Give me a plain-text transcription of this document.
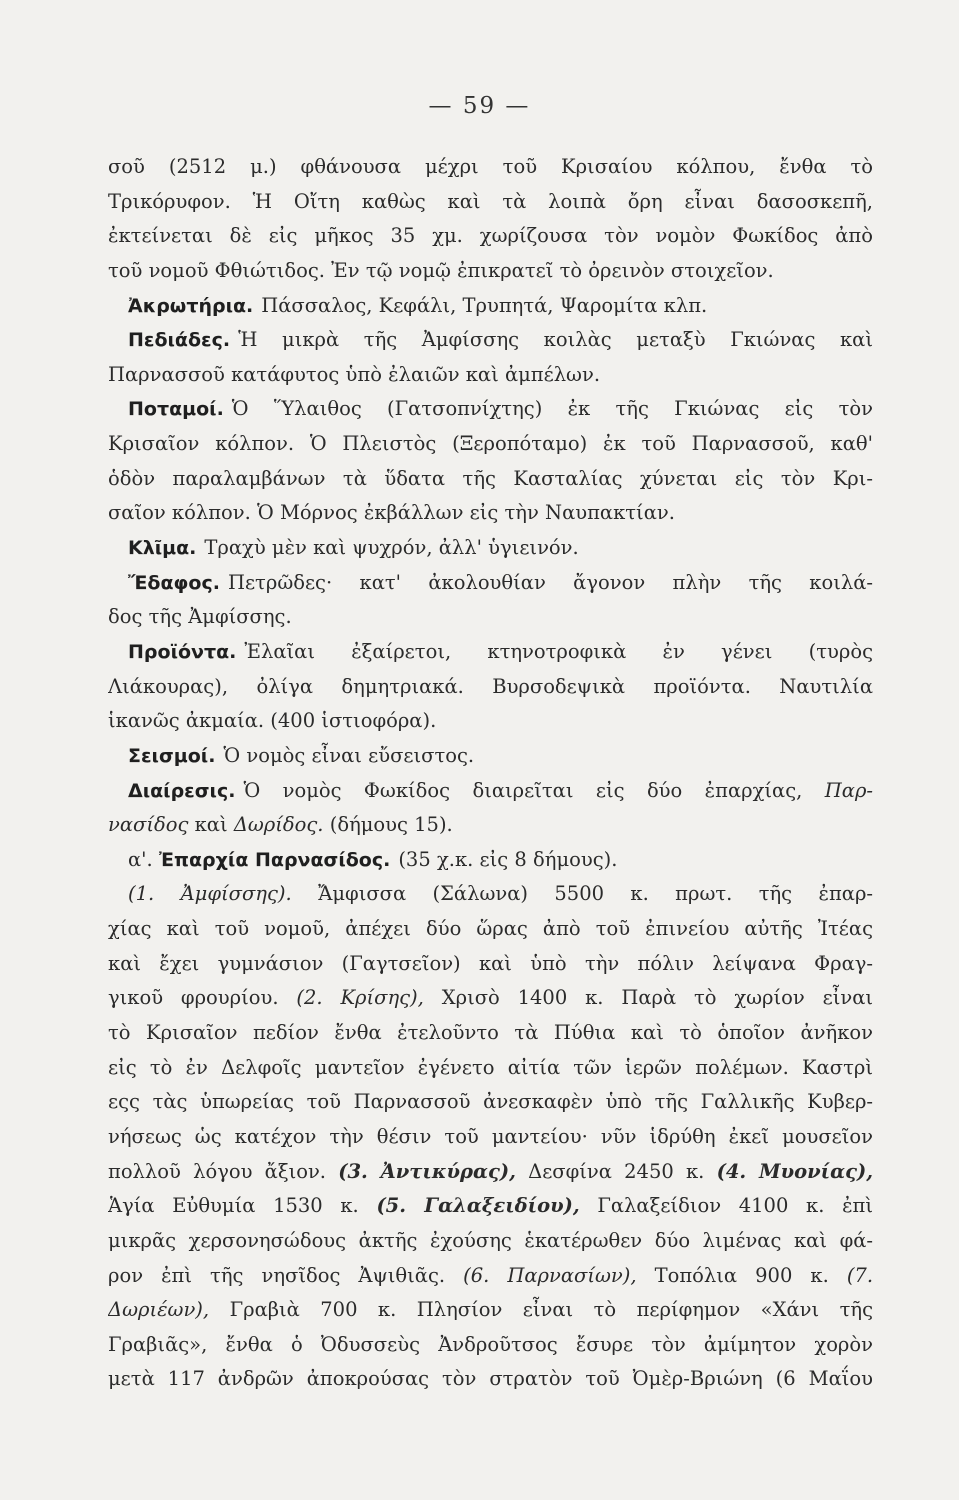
— 59 —
σοῦ (2512 μ.) φθάνουσα μέχρι τοῦ Κρισαίου κόλπου, ἔνθα τὸ
Τρικόρυφον. Ἡ Οἴτη καθὼς καὶ τὰ λοιπὰ ὄρη εἶναι δασοσκεπῆ,
ἐκτείνεται δὲ εἰς μῆκος 35 χμ. χωρίζουσα τὸν νομὸν Φωκίδος ἀπὸ
τοῦ νομοῦ Φθιώτιδος. Ἐν τῷ νομῷ ἐπικρατεῖ τὸ ὀρεινὸν στοιχεῖον.
Ἀκρωτήρια. Πάσσαλος, Κεφάλι, Τρυπητά, Ψαρομίτα κλπ.
Πεδιάδες. Ἡ μικρὰ τῆς Ἀμφίσσης κοιλὰς μεταξὺ Γκιώνας καὶ
Παρνασσοῦ κατάφυτος ὑπὸ ἐλαιῶν καὶ ἀμπέλων.
Ποταμοί. Ὁ Ὕλαιθος (Γατσοπνίχτης) ἐκ τῆς Γκιώνας εἰς τὸν
Κρισαῖον κόλπον. Ὁ Πλειστὸς (Ξεροπόταμο) ἐκ τοῦ Παρνασσοῦ, καθ'
ὁδὸν παραλαμβάνων τὰ ὕδατα τῆς Κασταλίας χύνεται εἰς τὸν Κρι-
σαῖον κόλπον. Ὁ Μόρνος ἐκβάλλων εἰς τὴν Ναυπακτίαν.
Κλῖμα. Τραχὺ μὲν καὶ ψυχρόν, ἀλλ' ὑγιεινόν.
Ἔδαφος. Πετρῶδες· κατ' ἀκολουθίαν ἄγονον πλὴν τῆς κοιλά-
δος τῆς Ἀμφίσσης.
Προϊόντα. Ἐλαῖαι ἐξαίρετοι, κτηνοτροφικὰ ἐν γένει (τυρὸς
Λιάκουρας), ὀλίγα δημητριακά. Βυρσοδεψικὰ προϊόντα. Ναυτιλία
ἱκανῶς ἀκμαία. (400 ἱστιοφόρα).
Σεισμοί. Ὁ νομὸς εἶναι εὔσειστος.
Διαίρεσις. Ὁ νομὸς Φωκίδος διαιρεῖται εἰς δύο ἐπαρχίας, Παρ-
νασίδος καὶ Δωρίδος. (δήμους 15).
α'. Ἐπαρχία Παρνασίδος. (35 χ.κ. εἰς 8 δήμους).
(1. Ἀμφίσσης). Ἄμφισσα (Σάλωνα) 5500 κ. πρωτ. τῆς ἐπαρ-
χίας καὶ τοῦ νομοῦ, ἀπέχει δύο ὥρας ἀπὸ τοῦ ἐπινείου αὐτῆς Ἰτέας
καὶ ἔχει γυμνάσιον (Γαγτσεῖον) καὶ ὑπὸ τὴν πόλιν λείψανα Φραγ-
γικοῦ φρουρίου. (2. Κρίσης), Χρισὸ 1400 κ. Παρὰ τὸ χωρίον εἶναι
τὸ Κρισαῖον πεδίον ἔνθα ἐτελοῦντο τὰ Πύθια καὶ τὸ ὁποῖον ἀνῆκον
εἰς τὸ ἐν Δελφοῖς μαντεῖον ἐγένετο αἰτία τῶν ἱερῶν πολέμων. Καστρὶ
εςς τὰς ὑπωρείας τοῦ Παρνασσοῦ ἀνεσκαφὲν ὑπὸ τῆς Γαλλικῆς Κυβερ-
νήσεως ὡς κατέχον τὴν θέσιν τοῦ μαντείου· νῦν ἱδρύθη ἐκεῖ μουσεῖον
πολλοῦ λόγου ἄξιον. (3. Ἀντικύρας), Δεσφίνα 2450 κ. (4. Μυονίας),
Ἁγία Εὐθυμία 1530 κ. (5. Γαλαξειδίου), Γαλαξείδιον 4100 κ. ἐπὶ
μικρᾶς χερσονησώδους ἀκτῆς ἐχούσης ἑκατέρωθεν δύο λιμένας καὶ φά-
ρον ἐπὶ τῆς νησῖδος Ἀψιθιᾶς. (6. Παρνασίων), Τοπόλια 900 κ. (7.
Δωριέων), Γραβιὰ 700 κ. Πλησίον εἶναι τὸ περίφημον «Χάνι τῆς
Γραβιᾶς», ἔνθα ὁ Ὀδυσσεὺς Ἀνδροῦτσος ἔσυρε τὸν ἀμίμητον χορὸν
μετὰ 117 ἀνδρῶν ἀποκρούσας τὸν στρατὸν τοῦ Ὀμὲρ-Βριώνη (6 Μαΐου
